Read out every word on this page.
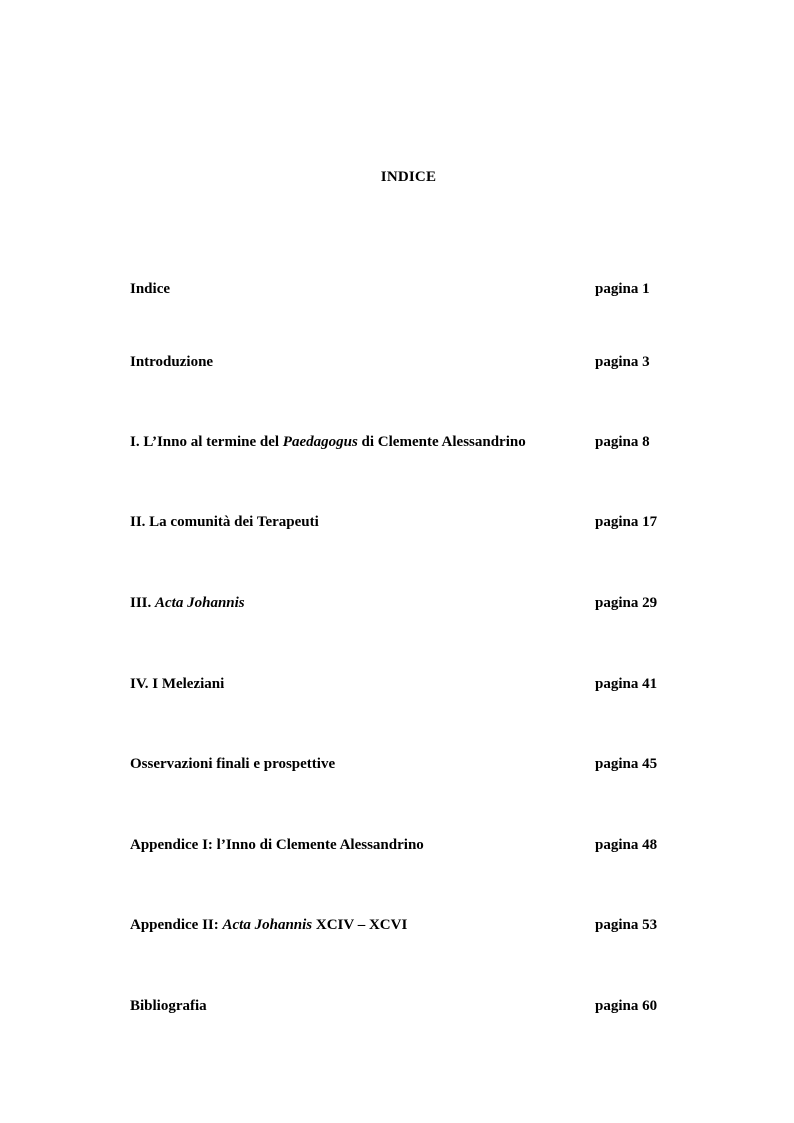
INDICE
Indice	pagina 1
Introduzione	pagina 3
I. L’Inno al termine del Paedagogus di Clemente Alessandrino	pagina 8
II. La comunità dei Terapeuti	pagina 17
III. Acta Johannis	pagina 29
IV. I Meleziani	pagina 41
Osservazioni finali e prospettive	pagina 45
Appendice I: l’Inno di Clemente Alessandrino	pagina 48
Appendice II: Acta Johannis XCIV – XCVI	pagina 53
Bibliografia	pagina 60
